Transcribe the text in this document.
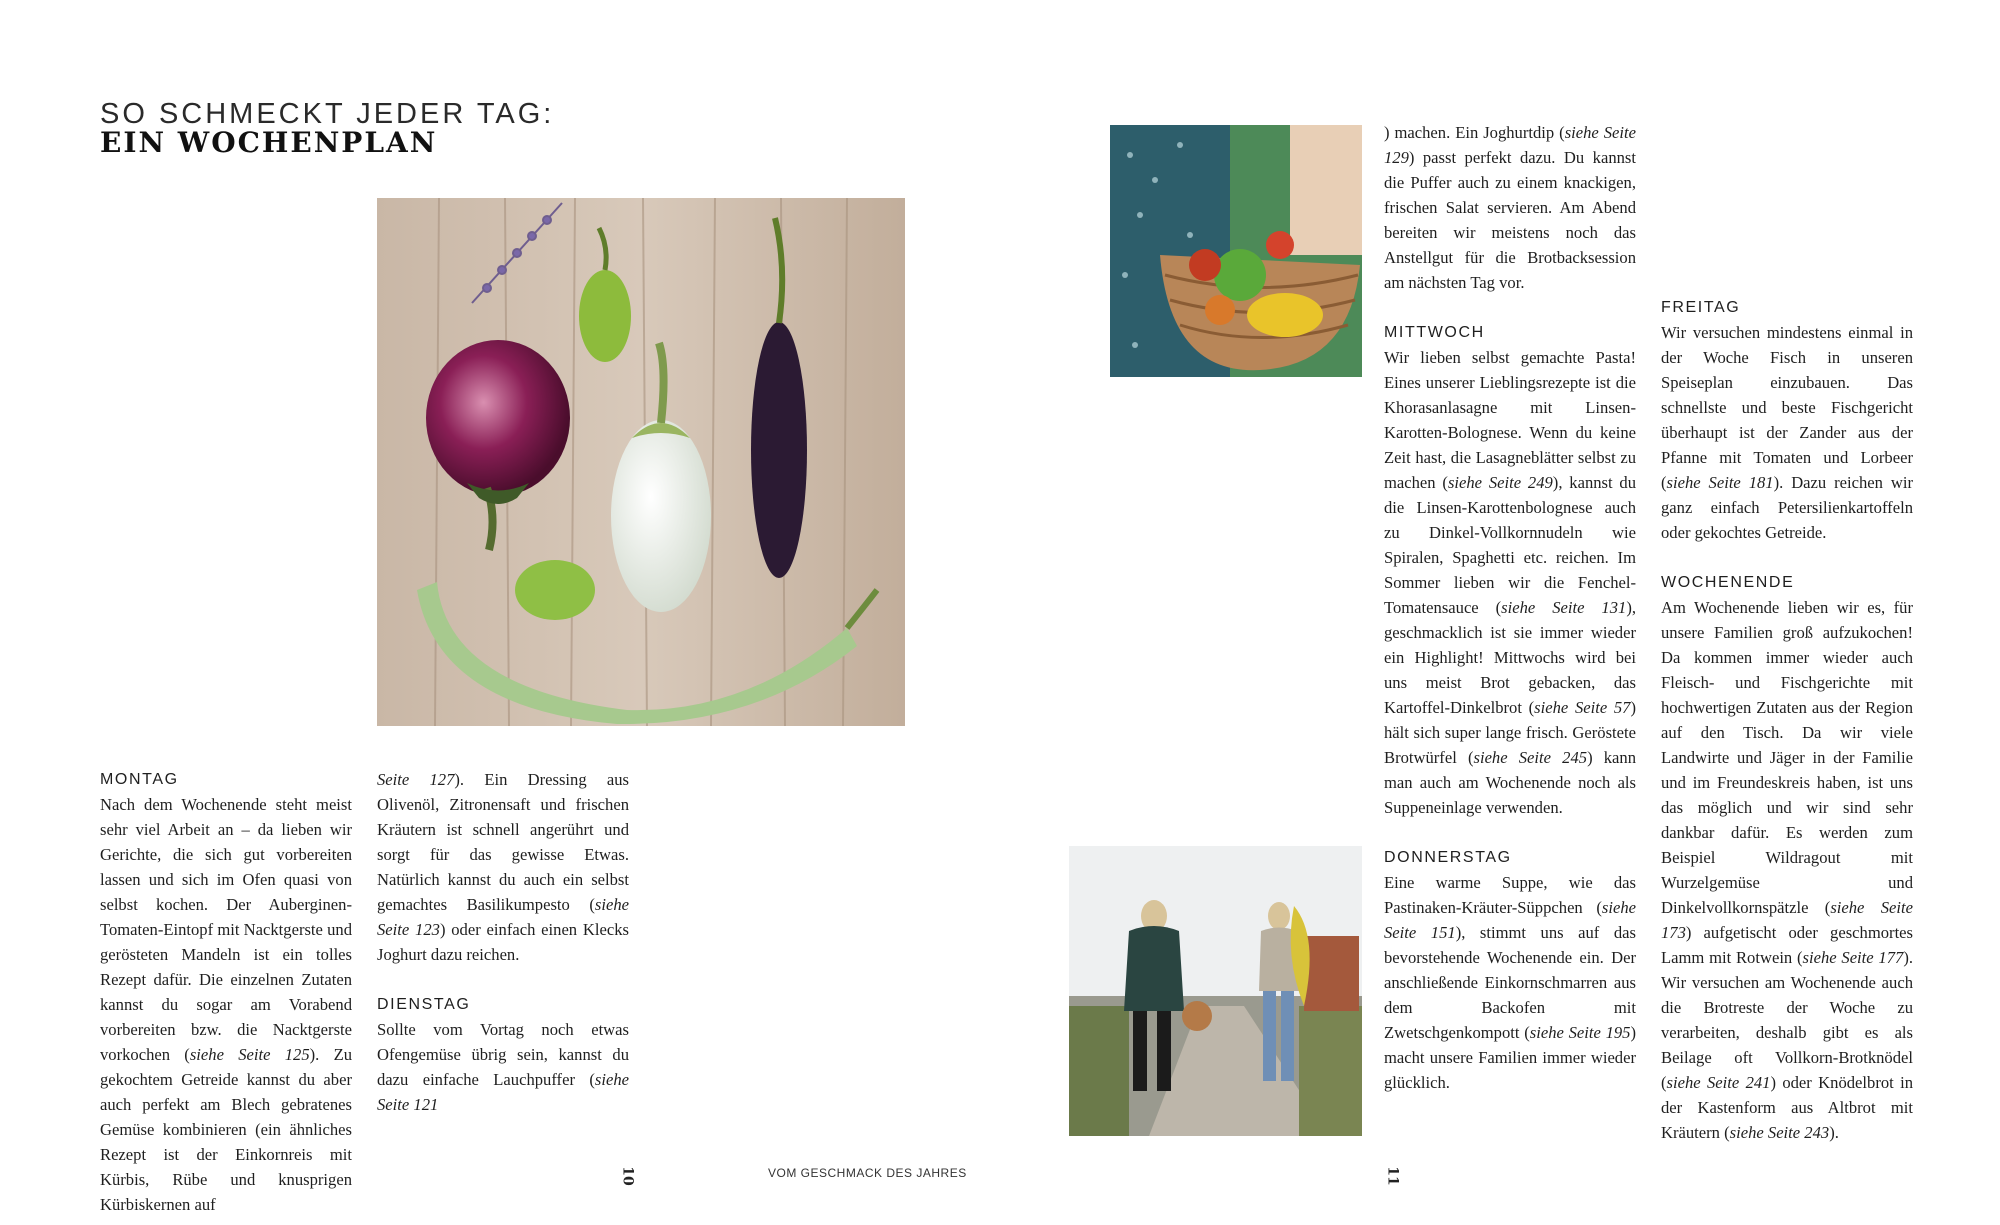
SO SCHMECKT JEDER TAG:
EIN WOCHENPLAN
MONTAG

Nach dem Wochenende steht meist sehr viel Arbeit an – da lieben wir Gerichte, die sich gut vorbereiten lassen und sich im Ofen quasi von selbst kochen. Der Auberginen-Tomaten-Eintopf mit Nacktgerste und gerösteten Mandeln ist ein tolles Rezept dafür. Die einzelnen Zutaten kannst du sogar am Vorabend vorbereiten bzw. die Nacktgerste vorkochen (siehe Seite 125). Zu gekochtem Getreide kannst du aber auch perfekt am Blech gebratenes Gemüse kombinieren (ein ähnliches Rezept ist der Einkornreis mit Kürbis, Rübe und knusprigen Kürbiskernen auf

Seite 127). Ein Dressing aus Olivenöl, Zitronensaft und frischen Kräutern ist schnell angerührt und sorgt für das gewisse Etwas. Natürlich kannst du auch ein selbst gemachtes Basilikumpesto (siehe Seite 123) oder einfach einen Klecks Joghurt dazu reichen.

DIENSTAG

Sollte vom Vortag noch etwas Ofengemüse übrig sein, kannst du dazu einfache Lauchpuffer (siehe Seite 121

) machen. Ein Joghurtdip (siehe Seite 129) passt perfekt dazu. Du kannst die Puffer auch zu einem knackigen, frischen Salat servieren. Am Abend bereiten wir meistens noch das Anstellgut für die Brotbacksession am nächsten Tag vor.

MITTWOCH

Wir lieben selbst gemachte Pasta! Eines unserer Lieblingsrezepte ist die Khorasanlasagne mit Linsen-Karotten-Bolognese. Wenn du keine Zeit hast, die Lasagneblätter selbst zu machen (siehe Seite 249), kannst du die Linsen-Karottenbolognese auch zu Dinkel-Vollkornnudeln wie Spiralen, Spaghetti etc. reichen. Im Sommer lieben wir die Fenchel-Tomatensauce (siehe Seite 131), geschmacklich ist sie immer wieder ein Highlight! Mittwochs wird bei uns meist Brot gebacken, das Kartoffel-Dinkelbrot (siehe Seite 57) hält sich super lange frisch. Geröstete Brotwürfel (siehe Seite 245) kann man auch am Wochenende noch als Suppeneinlage verwenden.

DONNERSTAG

Eine warme Suppe, wie das Pastinaken-Kräuter-Süppchen (siehe Seite 151), stimmt uns auf das bevorstehende Wochenende ein. Der anschließende Einkornschmarren aus dem Backofen mit Zwetschgenkompott (siehe Seite 195) macht unsere Familien immer wieder glücklich.

FREITAG

Wir versuchen mindestens einmal in der Woche Fisch in unseren Speiseplan einzubauen. Das schnellste und beste Fischgericht überhaupt ist der Zander aus der Pfanne mit Tomaten und Lorbeer (siehe Seite 181). Dazu reichen wir ganz einfach Petersilienkartoffeln oder gekochtes Getreide.

WOCHENENDE

Am Wochenende lieben wir es, für unsere Familien groß aufzukochen! Da kommen immer wieder auch Fleisch- und Fischgerichte mit hochwertigen Zutaten aus der Region auf den Tisch. Da wir viele Landwirte und Jäger in der Familie und im Freundeskreis haben, ist uns das möglich und wir sind sehr dankbar dafür. Es werden zum Beispiel Wildragout mit Wurzelgemüse und Dinkelvollkornspätzle (siehe Seite 173) aufgetischt oder geschmortes Lamm mit Rotwein (siehe Seite 177). Wir versuchen am Wochenende auch die Brotreste der Woche zu verarbeiten, deshalb gibt es als Beilage oft Vollkorn-Brotknödel (siehe Seite 241) oder Knödelbrot in der Kastenform aus Altbrot mit Kräutern (siehe Seite 243).

10	VOM GESCHMACK DES JAHRES	11
